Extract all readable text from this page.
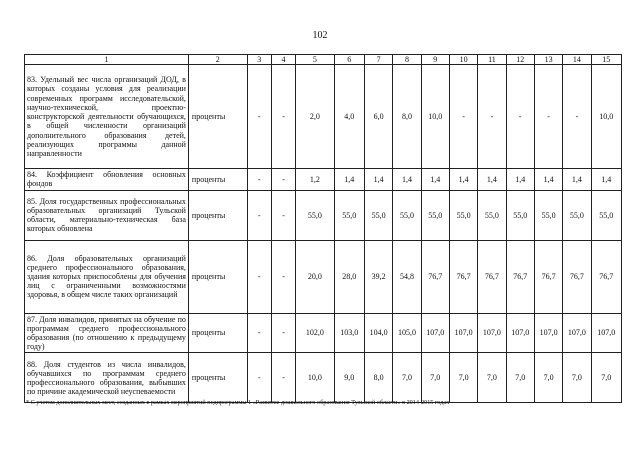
102
1	2	3	4	5	6	7	8	9	10	11	12	13	14	15
83. Удельный вес числа организаций ДОД, в которых созданы условия для реализации современных программ исследовательской, научно-технической, проектно-конструкторской деятельности обучающихся, в общей численности организаций дополнительного образования детей, реализующих программы данной направленности	проценты	-	-	2,0	4,0	6,0	8,0	10,0	-	-	-	-	-	10,0
84. Коэффициент обновления основных фондов	проценты	-	-	1,2	1,4	1,4	1,4	1,4	1,4	1,4	1,4	1,4	1,4	1,4
85. Доля государственных профессиональных образовательных организаций Тульской области, материально-техническая база которых обновлена	проценты	-	-	55,0	55,0	55,0	55,0	55,0	55,0	55,0	55,0	55,0	55,0	55,0
86. Доля образовательных организаций среднего профессионального образования, здания которых приспособлены для обучения лиц с ограниченными возможностями здоровья, в общем числе таких организаций	проценты	-	-	20,0	28,0	39,2	54,8	76,7	76,7	76,7	76,7	76,7	76,7	76,7
87. Доля инвалидов, принятых на обучение по программам среднего профессионального образования (по отношению к предыдущему году)	проценты	-	-	102,0	103,0	104,0	105,0	107,0	107,0	107,0	107,0	107,0	107,0	107,0
88. Доля студентов из числа инвалидов, обучавшихся по программам среднего профессионального образования, выбывших по причине академической неуспеваемости	проценты	-	-	10,0	9,0	8,0	7,0	7,0	7,0	7,0	7,0	7,0	7,0	7,0
* С учетом дополнительных мест, созданных в рамках мероприятий подпрограммы 1 «Развитие дошкольного образования Тульской области» в 2014-2015 годах
